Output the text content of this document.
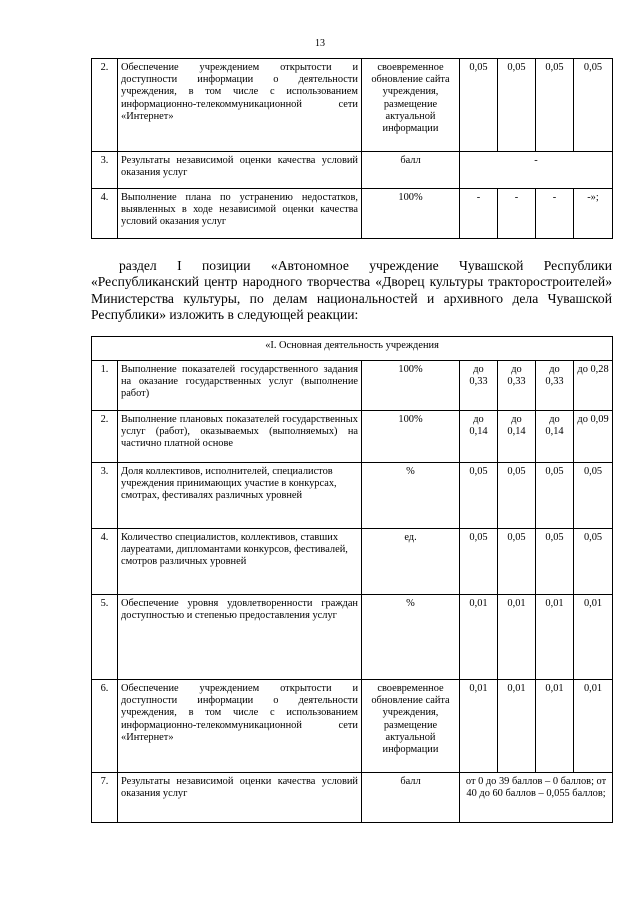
13
2.	Обеспечение учреждением открытости и доступности информации о деятельности учреждения, в том числе с использованием информационно-телекоммуникационной сети «Интернет»	своевременное обновление сайта учреждения, размещение актуальной информации	0,05	0,05	0,05	0,05
3.	Результаты независимой оценки качества условий оказания услуг	балл	-			
4.	Выполнение плана по устранению недостатков, выявленных в ходе независимой оценки качества условий оказания услуг	100%	-	-	-	-»;
раздел I позиции «Автономное учреждение Чувашской Республики «Республиканский центр народного творчества «Дворец культуры тракторостроителей» Министерства культуры, по делам национальностей и архивного дела Чувашской Республики» изложить в следующей реакции:
«I. Основная деятельность учреждения						
1.	Выполнение показателей государственного задания на оказание государственных услуг (выполнение работ)	100%	до 0,33	до 0,33	до 0,33	до 0,28
2.	Выполнение плановых показателей государственных услуг (работ), оказываемых (выполняемых) на частично платной основе	100%	до 0,14	до 0,14	до 0,14	до 0,09
3.	Доля коллективов, исполнителей, специалистов учреждения принимающих участие в конкурсах, смотрах, фестивалях различных уровней	%	0,05	0,05	0,05	0,05
4.	Количество специалистов, коллективов, ставших лауреатами, дипломантами конкурсов, фестивалей, смотров различных уровней	ед.	0,05	0,05	0,05	0,05
5.	Обеспечение уровня удовлетворенности граждан доступностью и степенью предоставления услуг	%	0,01	0,01	0,01	0,01
6.	Обеспечение учреждением открытости и доступности информации о деятельности учреждения, в том числе с использованием информационно-телекоммуникационной сети «Интернет»	своевременное обновление сайта учреждения, размещение актуальной информации	0,01	0,01	0,01	0,01
7.	Результаты независимой оценки качества условий оказания услуг	балл	от 0 до 39 баллов – 0 баллов; от 40 до 60 баллов – 0,055 баллов;			
